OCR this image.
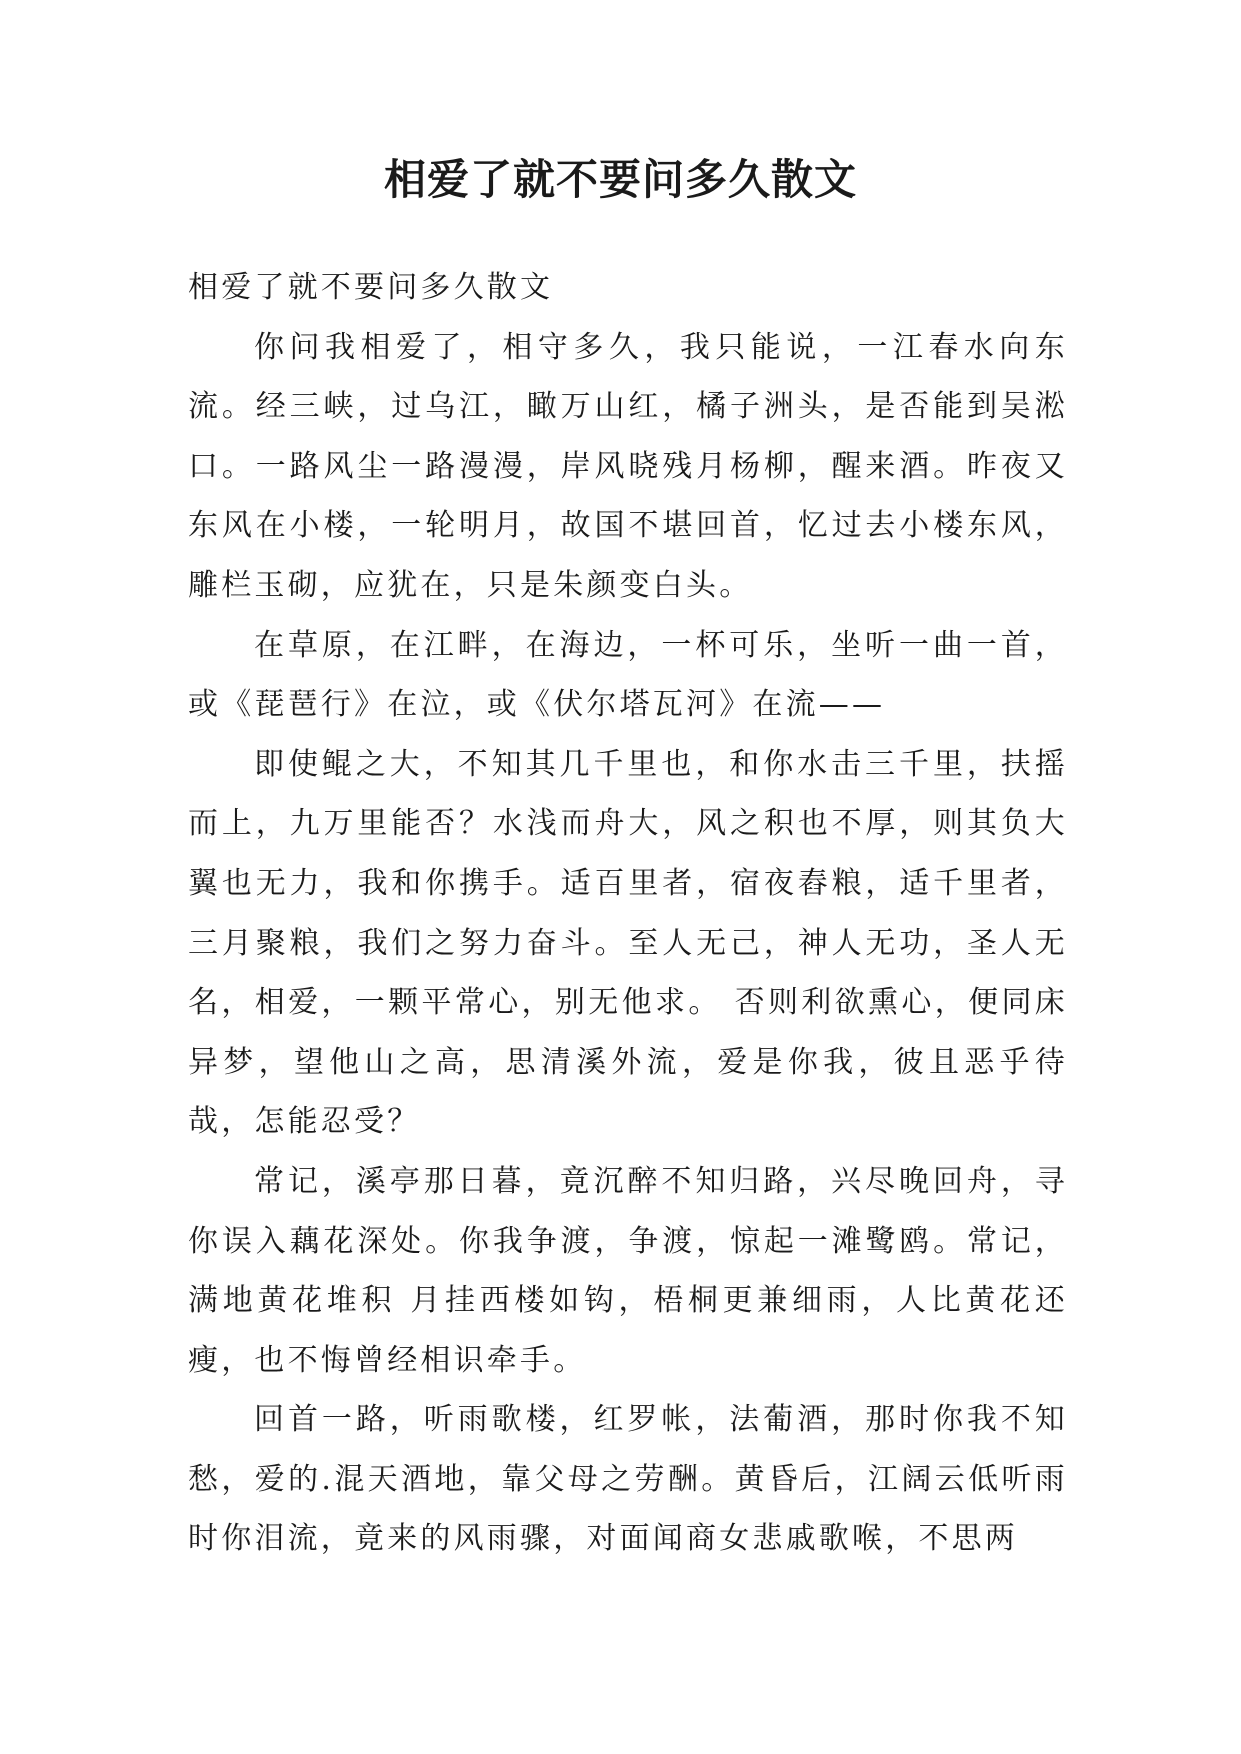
相爱了就不要问多久散文

相爱了就不要问多久散文

你问我相爱了，相守多久，我只能说，一江春水向东流。经三峡，过乌江，瞰万山红，橘子洲头，是否能到吴淞口。一路风尘一路漫漫，岸风晓残月杨柳，醒来酒。昨夜又东风在小楼，一轮明月，故国不堪回首，忆过去小楼东风，雕栏玉砌，应犹在，只是朱颜变白头。

在草原，在江畔，在海边，一杯可乐，坐听一曲一首，或《琵琶行》在泣，或《伏尔塔瓦河》在流——

即使鲲之大，不知其几千里也，和你水击三千里，扶摇而上，九万里能否？水浅而舟大，风之积也不厚，则其负大翼也无力，我和你携手。适百里者，宿夜舂粮，适千里者，三月聚粮，我们之努力奋斗。至人无己，神人无功，圣人无名，相爱，一颗平常心，别无他求。 否则利欲熏心，便同床异梦，望他山之高，思清溪外流，爱是你我，彼且恶乎待哉，怎能忍受？

常记，溪亭那日暮，竟沉醉不知归路，兴尽晚回舟，寻你误入藕花深处。你我争渡，争渡，惊起一滩鹭鸥。常记，满地黄花堆积 月挂西楼如钩，梧桐更兼细雨，人比黄花还瘦，也不悔曾经相识牵手。

回首一路，听雨歌楼，红罗帐，法葡酒，那时你我不知愁，爱的.混天酒地，靠父母之劳酬。黄昏后，江阔云低听雨时你泪流，竟来的风雨骤，对面闻商女悲戚歌喉，不思两
